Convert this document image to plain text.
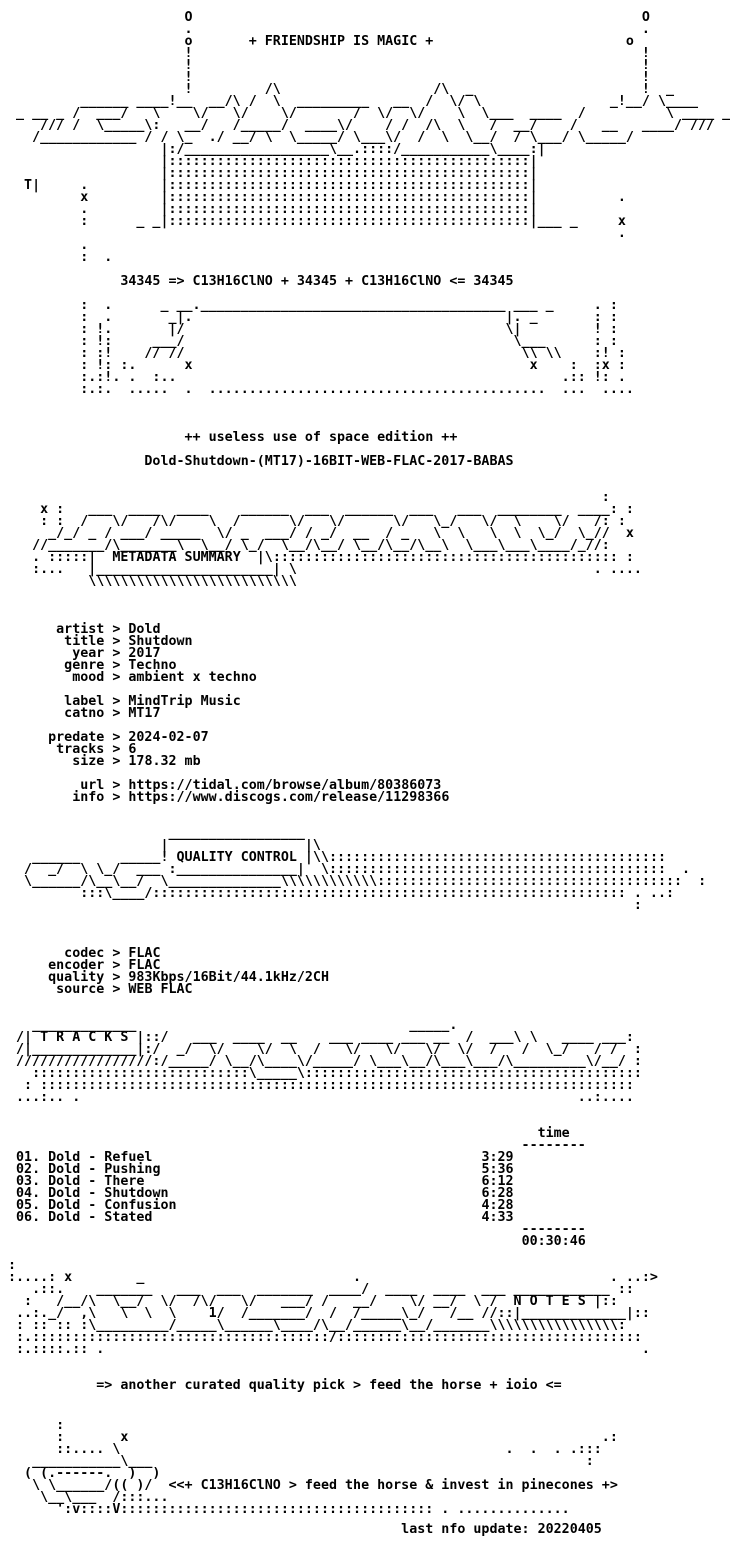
O                                                        O
.                                                        .
o       + FRIENDSHIP IS MAGIC +                        o
!                                                        !
!                                                        !
!                                                        !
!         /\                   /\  _                     !  _
______ ____!__  __/\ /  \  _________   __  /  \/ \                _!__/ \____
_ __ _ /  ___/   \    \/   \/    \/       /  \/  \/    \  \___  ____  /          \ ____ _
/// /  \_____\:   __/   /_____/  ____\/    / /  /\  \   /  __/    /   __   ____/ ///
/____________ / / \_  ./ __/ \  \_____/ \___\/  /  \  \__/  / \___/ \_____/
|:/__________________\__.::::/___________\____:|
|:::::::::::::::::::::::::::::::::::::::::::::|
|:::::::::::::::::::::::::::::::::::::::::::::|
T|     .         |:::::::::::::::::::::::::::::::::::::::::::::|
x         |:::::::::::::::::::::::::::::::::::::::::::::|          .
.         |:::::::::::::::::::::::::::::::::::::::::::::|
:      _ _|:::::::::::::::::::::::::::::::::::::::::::::|___ _     x
.
.
:  .
34345 => C13H16ClNO + 34345 + C13H16ClNO <= 34345
:  .      _ __.______________________________________ ___ _     . :
:  .       _|.                                       |. _       : :
: !.       |/                                        \|         ! :
: !:     ___/                                         \___      : :
: :!    // //                                          \\ \\    :! :
: !: :.      x                                          x    :  :x :
:.:!. .  :..                                                .:: !: .
:.:.  .....  .  ..........................................  ...  ....
++ useless use of space edition ++
Dold-Shutdown-(MT17)-16BIT-WEB-FLAC-2017-BABAS
:
x :   ___  ____  ____    ______  ___  ______  ___   ___  ________  ____: :
: :  /   \/   /\/    \  /      \/   \/      \/   \_/   \/  \    \/   /: :
_/_/ _ / ___/ _____  \/ _  ___/ / _/  __  / _   \  \   \  \  \_/  \_//  x
//_______/\_______\  \__/ \_/  \__/\__/ \__/\__/\__\  \___\___\____/_//:
. :::::|  METADATA SUMMARY  |\::::::::::::::::::::::::::::::::::::::::::: :
:...   |______________________| \                                     . ....
\\\\\\\\\\\\\\\\\\\\\\\\\\
artist > Dold
title > Shutdown
year > 2017
genre > Techno
mood > ambient x techno

label > MindTrip Music
catno > MT17

predate > 2024-02-07
tracks > 6
size > 178.32 mb

url > https://tidal.com/browse/album/80386073
info > https://www.discogs.com/release/11298366
_________________
|                 |\
______     _____! QUALITY CONTROL |\\::::::::::::::::::::::::::::::::::::::::::
/  _/  \ \_/  ___ :_______________|  \::::::::::::::::::::::::::::::::::::::::::  .
\______/\__\__/  \______________\\\\\\\\\\\\::::::::::::::::::::::::::::::::::::::  :
:::\____/::::::::::::::::::::::::::::::::::::::::::::::::::::::::::: . ..:
:
codec > FLAC
encoder > FLAC
quality > 983Kbps/16Bit/44.1kHz/2CH
source > WEB FLAC
_____________                                  _____.
/| T R A C K S |::/   ___  ____  __    ___ ____ ___ __  /  ___\ \   ____ ___:
/|_____________|:/  _/  \/    \/  \  /   \/   \/   \/  \/  /   /  \_/   / /  :
/////////////////:/_____/ \__/\____\/_____/ \___\__/\___\___/\_________\/__/ :
:::::::::::::::::::::::::::\_____\::::::::::::::::::::::::::::::::::::::::::
: ::::::::::::::::::::::::::::::::::::::::::::::::::::::::::::::::::::::::::
...:.. .                                                              ..:....
time
--------
01. Dold - Refuel	3:29
02. Dold - Pushing	5:36
03. Dold - There	6:12
04. Dold - Shutdown	6:28
05. Dold - Confusion	4:28
06. Dold - Stated	4:33
--------
00:30:46
:
:....: x        _                          .                               . ..:>
.::.    _______   ___  ___  _______  ____/  ____  ____  ___ ____________ ::
:   /__/\  \__/  \/  /\/   \/   ___/ /   __/    \/ __/  \ /  N O T E S |::
..:._/  ,\   \  \  \    1/  /_______/  /  /_____\_/   /__ //::|_____________|::
: :: :: :\_________/_____\______\____/\__/______\__/_______\\\\\\\\\\\\\\\\:
:.:::::::::::::::::::::::::::::::::::::/::::::::::::::::::::::::::::::::::::::
:.::::.:: .                                                                   .
=> another curated quality pick > feed the horse + ioio <=
:
:       x                                                           .:
::.... \                                                .  .  . .:::
___________\___                                                      :
( (.------.  )  )
\ \______/(( )/  <<+ C13H16ClNO > feed the horse & invest in pinecones +>
\__\___  /:::...
':v::::V::::::::::::::::::::::::::::::::::::::: . ..............

last nfo update: 20220405
